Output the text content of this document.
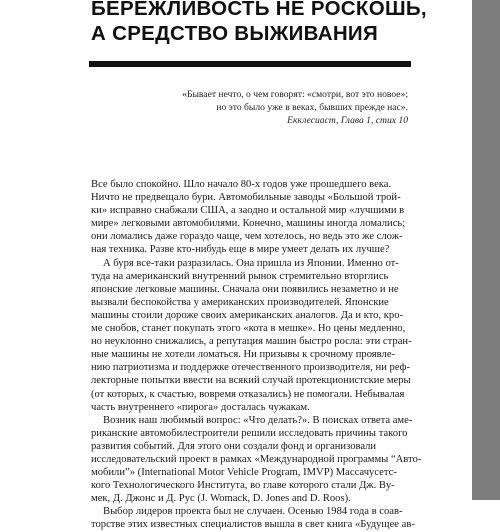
БЕРЕЖЛИВОСТЬ НЕ РОСКОШЬ,
А СРЕДСТВО ВЫЖИВАНИЯ
«Бывает нечто, о чем говорят: «смотри, вот это новое»;
но это было уже в веках, бывших прежде нас».
Екклесиаст, Глава 1, стих 10
Все было спокойно. Шло начало 80-х годов уже прошедшего века.
Ничто не предвещало бури. Автомобильные заводы «Большой трой-
ки» исправно снабжали США, а заодно и остальной мир «лучшими в
мире» легковыми автомобилями. Конечно, машины иногда ломались;
они ломались даже гораздо чаще, чем хотелось, но ведь это же слож-
ная техника. Разве кто-нибудь еще в мире умеет делать их лучше?
А буря все-таки разразилась. Она пришла из Японии. Именно от-
туда на американский внутренний рынок стремительно вторглись
японские легковые машины. Сначала они появились незаметно и не
вызвали беспокойства у американских производителей. Японские
машины стоили дороже своих американских аналогов. Да и кто, кро-
ме снобов, станет покупать этого «кота в мешке». Но цены медленно,
но неуклонно снижались, а репутация машин быстро росла: эти стран-
ные машины не хотели ломаться. Ни призывы к срочному проявле-
нию патриотизма и поддержке отечественного производителя, ни реф-
лекторные попытки ввести на всякий случай протекционистские меры
(от которых, к счастью, вовремя отказались) не помогали. Небывалая
часть внутреннего «пирога» досталась чужакам.
Возник наш любимый вопрос: «Что делать?». В поисках ответа аме-
риканские автомобилестроители решили исследовать причины такого
развития событий. Для этого они создали фонд и организовали
исследовательский проект в рамках «Международной программы “Авто-
мобили”» (International Motor Vehicle Program, IMVP) Массачусетс-
кого Технологического Института, во главе которого стали Дж. Ву-
мек, Д. Джонс и Д. Рус (J. Womack, D. Jones and D. Roos).
Выбор лидеров проекта был не случаен. Осенью 1984 года в соав-
торстве этих известных специалистов вышла в свет книга «Будущее ав-
